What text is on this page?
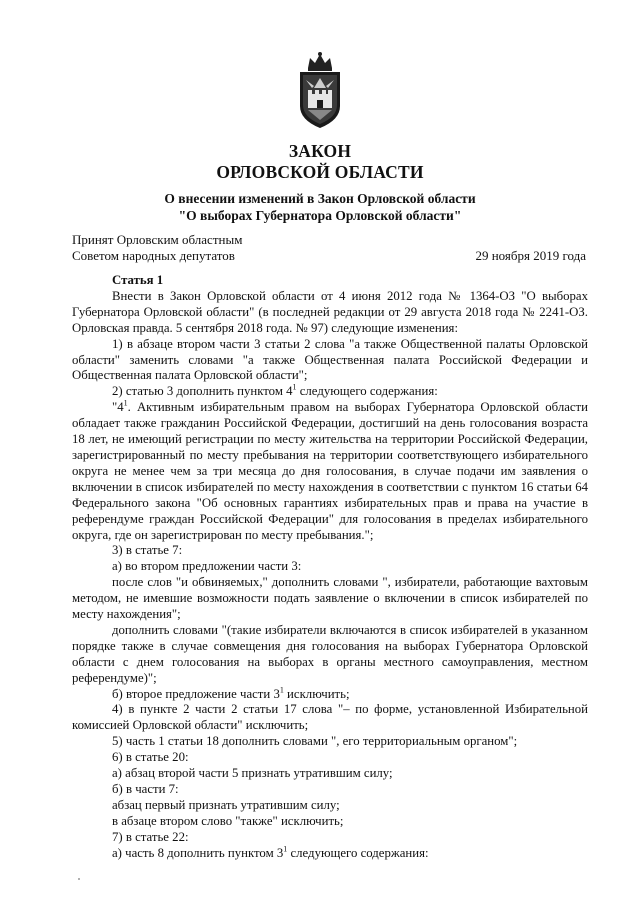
ЗАКОН
ОРЛОВСКОЙ ОБЛАСТИ
О внесении изменений в Закон Орловской области
"О выборах Губернатора Орловской области"
Принят Орловским областным
Советом народных депутатов	29 ноября 2019 года

Статья 1

Внести в Закон Орловской области от 4 июня 2012 года № 1364-ОЗ "О выборах Губернатора Орловской области" (в последней редакции от 29 августа 2018 года № 2241-ОЗ. Орловская правда. 5 сентября 2018 года. № 97) следующие изменения:

1) в абзаце втором части 3 статьи 2 слова "а также Общественной палаты Орловской области" заменить словами "а также Общественная палата Российской Федерации и Общественная палата Орловской области";

2) статью 3 дополнить пунктом $4^1$ следующего содержания:

"$4^1$. Активным избирательным правом на выборах Губернатора Орловской области обладает также гражданин Российской Федерации, достигший на день голосования возраста 18 лет, не имеющий регистрации по месту жительства на территории Российской Федерации, зарегистрированный по месту пребывания на территории соответствующего избирательного округа не менее чем за три месяца до дня голосования, в случае подачи им заявления о включении в список избирателей по месту нахождения в соответствии с пунктом 16 статьи 64 Федерального закона "Об основных гарантиях избирательных прав и права на участие в референдуме граждан Российской Федерации" для голосования в пределах избирательного округа, где он зарегистрирован по месту пребывания.";

3) в статье 7:

а) во втором предложении части 3:

после слов "и обвиняемых," дополнить словами ", избиратели, работающие вахтовым методом, не имевшие возможности подать заявление о включении в список избирателей по месту нахождения";

дополнить словами "(такие избиратели включаются в список избирателей в указанном порядке также в случае совмещения дня голосования на выборах Губернатора Орловской области с днем голосования на выборах в органы местного самоуправления, местном референдуме)";

б) второе предложение части $3^1$ исключить;

4) в пункте 2 части 2 статьи 17 слова "– по форме, установленной Избирательной комиссией Орловской области" исключить;

5) часть 1 статьи 18 дополнить словами ", его территориальным органом";

6) в статье 20:

а) абзац второй части 5 признать утратившим силу;

б) в части 7:

абзац первый признать утратившим силу;

в абзаце втором слово "также" исключить;

7) в статье 22:

а) часть 8 дополнить пунктом $3^1$ следующего содержания:
